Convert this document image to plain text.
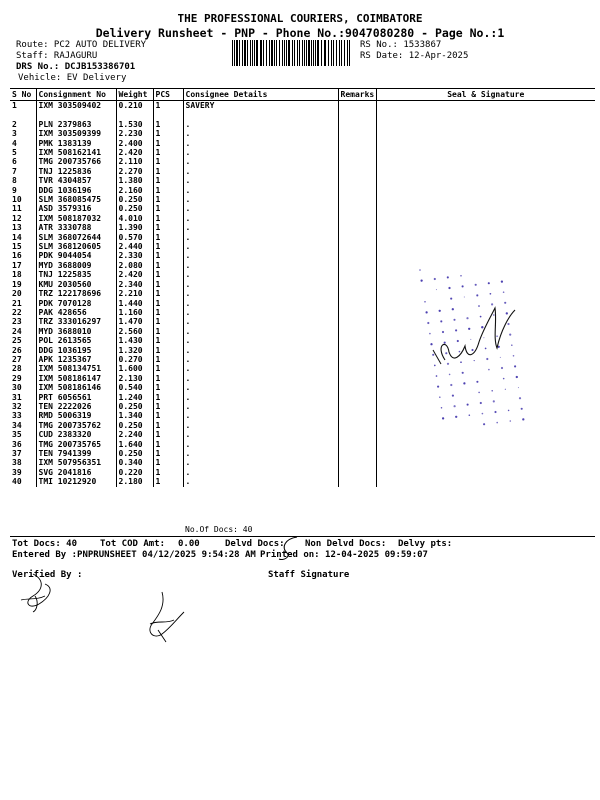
THE PROFESSIONAL COURIERS, COIMBATORE
Delivery Runsheet - PNP - Phone No.:9047080280 - Page No.:1
Route: PC2 AUTO DELIVERY
Staff: RAJAGURU
DRS No.: DCJB153386701
Vehicle: EV Delivery
RS No.: 1533867
RS Date: 12-Apr-2025
S No	Consignment No	Weight	PCS	Consignee Details	Remarks	Seal & Signature
1	IXM 303509402	0.210	1	SAVERY		

2	PLN 2379863	1.530	1	.		
3	IXM 303509399	2.230	1	.		
4	PMK 1383139	2.400	1	.		
5	IXM 508162141	2.420	1	.		
6	TMG 200735766	2.110	1	.		
7	TNJ 1225836	2.270	1	.		
8	TVR 4304857	1.380	1	.		
9	DDG 1036196	2.160	1	.		
10	SLM 368085475	0.250	1	.		
11	ASD 3579316	0.250	1	.		
12	IXM 508187032	4.010	1	.		
13	ATR 3330788	1.390	1	.		
14	SLM 368072644	0.570	1	.		
15	SLM 368120605	2.440	1	.		
16	PDK 9044054	2.330	1	.		
17	MYD 3688009	2.080	1	.		
18	TNJ 1225835	2.420	1	.		
19	KMU 2030560	2.340	1	.		
20	TRZ 122178696	2.210	1	.		
21	PDK 7070128	1.440	1	.		
22	PAK 428656	1.160	1	.		
23	TRZ 333016297	1.470	1	.		
24	MYD 3688010	2.560	1	.		
25	POL 2613565	1.430	1	.		
26	DDG 1036195	1.320	1	.		
27	APK 1235367	0.270	1	.		
28	IXM 508134751	1.600	1	.		
29	IXM 508186147	2.130	1	.		
30	IXM 508186146	0.540	1	.		
31	PRT 6056561	1.240	1	.		
32	TEN 2222026	0.250	1	.		
33	RMD 5006319	1.340	1	.		
34	TMG 200735762	0.250	1	.		
35	CUD 2383320	2.240	1	.		
36	TMG 200735765	1.640	1	.		
37	TEN 7941399	0.250	1	.		
38	IXM 507956351	0.340	1	.		
39	SVG 2041816	0.220	1	.		
40	TMI 10212920	2.180	1	.		
No.Of Docs: 40
Tot Docs: 40	Tot COD Amt: 0.00	Delvd Docs: Non Delvd Docs: Delvy pts:
Entered By :PNPRUNSHEET 04/12/2025 9:54:28 AM Printed on: 12-04-2025 09:59:07
Verified By :	Staff Signature
